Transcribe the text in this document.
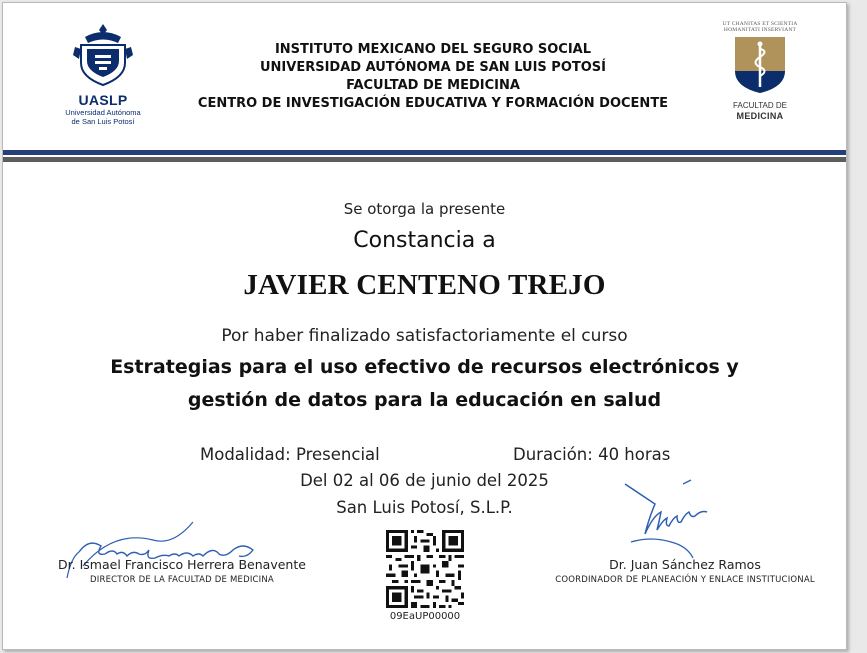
UASLP
Universidad Autónoma
de San Luis Potosí
INSTITUTO MEXICANO DEL SEGURO SOCIAL
UNIVERSIDAD AUTÓNOMA DE SAN LUIS POTOSÍ
FACULTAD DE MEDICINA
CENTRO DE INVESTIGACIÓN EDUCATIVA Y FORMACIÓN DOCENTE
UT CHANITAS ET SCIENTIA
HOMANITATI INSERVIANT
FACULTAD DE
MEDICINA
Se otorga la presente
Constancia a
JAVIER CENTENO TREJO
Por haber finalizado satisfactoriamente el curso
Estrategias para el uso efectivo de recursos electrónicos y
gestión de datos para la educación en salud
Modalidad: Presencial	Duración: 40 horas
Del 02 al 06 de junio del 2025
San Luis Potosí, S.L.P.
Dr. Ismael Francisco Herrera Benavente
DIRECTOR DE LA FACULTAD DE MEDICINA
09EaUP00000
Dr. Juan Sánchez Ramos
COORDINADOR DE PLANEACIÓN Y ENLACE INSTITUCIONAL
